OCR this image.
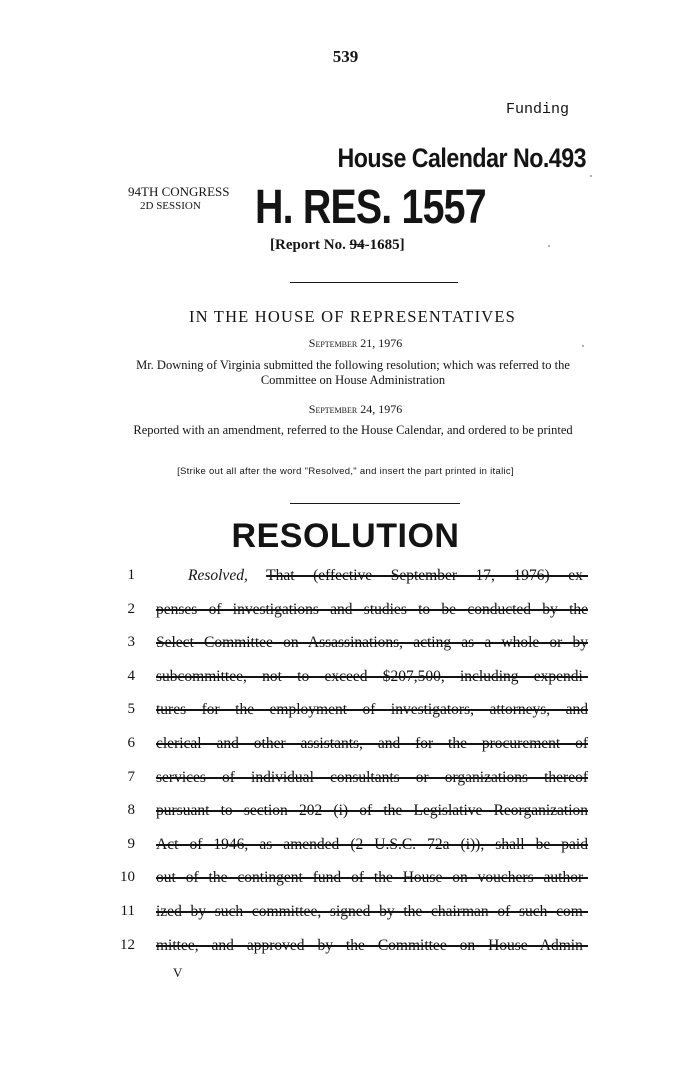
539
Funding
House Calendar No.493
94TH CONGRESS
2D SESSION H. RES. 1557
[Report No. 94-1685]
IN THE HOUSE OF REPRESENTATIVES
September 21, 1976
Mr. Downing of Virginia submitted the following resolution; which was referred to the Committee on House Administration
September 24, 1976
Reported with an amendment, referred to the House Calendar, and ordered to be printed
[Strike out all after the word "Resolved," and insert the part printed in italic]
RESOLUTION
1	Resolved, That (effective September 17, 1976) ex-
2 penses of investigations and studies to be conducted by the
3 Select Committee on Assassinations, acting as a whole or by
4 subcommittee, not to exceed $207,500, including expendi-
5 tures for the employment of investigators, attorneys, and
6 clerical and other assistants, and for the procurement of
7 services of individual consultants or organizations thereof
8 pursuant to section 202 (i) of the Legislative Reorganization
9 Act of 1946, as amended (2 U.S.C. 72a (i)), shall be paid
10 out of the contingent fund of the House on vouchers author-
11 ized by such committee, signed by the chairman of such com-
12 mittee, and approved by the Committee on House Admin-
V
